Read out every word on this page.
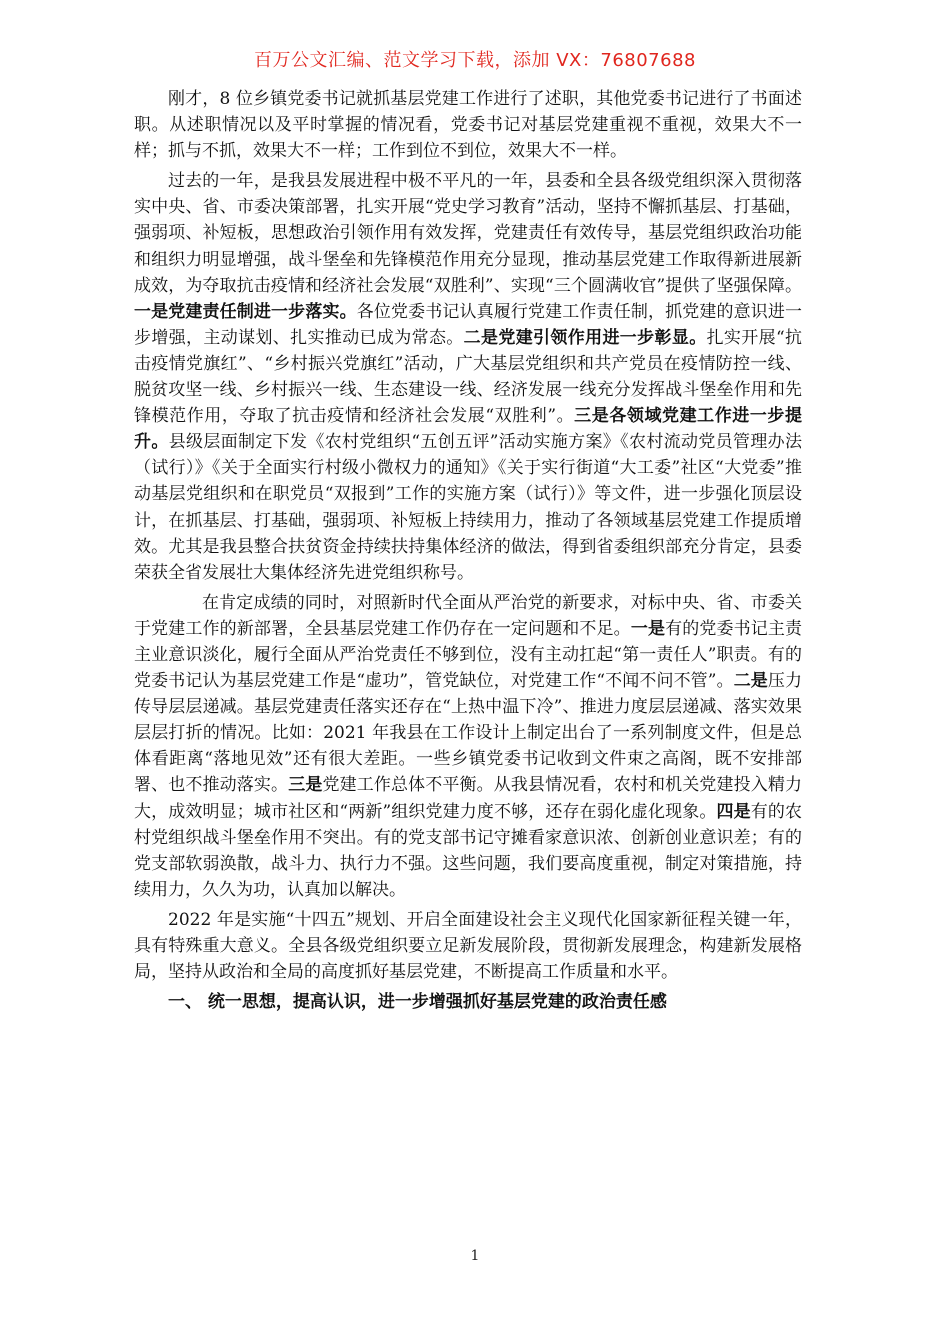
百万公文汇编、范文学习下载，添加 VX：76807688

刚才，8 位乡镇党委书记就抓基层党建工作进行了述职，其他党委书记进行了书面述职。从述职情况以及平时掌握的情况看，党委书记对基层党建重视不重视，效果大不一样；抓与不抓，效果大不一样；工作到位不到位，效果大不一样。

过去的一年，是我县发展进程中极不平凡的一年，县委和全县各级党组织深入贯彻落实中央、省、市委决策部署，扎实开展“党史学习教育”活动，坚持不懈抓基层、打基础，强弱项、补短板，思想政治引领作用有效发挥，党建责任有效传导，基层党组织政治功能和组织力明显增强，战斗堡垒和先锋模范作用充分显现，推动基层党建工作取得新进展新成效，为夺取抗击疫情和经济社会发展“双胜利”、实现“三个圆满收官”提供了坚强保障。一是党建责任制进一步落实。各位党委书记认真履行党建工作责任制，抓党建的意识进一步增强，主动谋划、扎实推动已成为常态。二是党建引领作用进一步彰显。扎实开展“抗击疫情党旗红”、“乡村振兴党旗红”活动，广大基层党组织和共产党员在疫情防控一线、脱贫攻坚一线、乡村振兴一线、生态建设一线、经济发展一线充分发挥战斗堡垒作用和先锋模范作用，夺取了抗击疫情和经济社会发展“双胜利”。三是各领域党建工作进一步提升。县级层面制定下发《农村党组织“五创五评”活动实施方案》《农村流动党员管理办法（试行）》《关于全面实行村级小微权力的通知》《关于实行街道“大工委”社区“大党委”推动基层党组织和在职党员“双报到”工作的实施方案（试行）》等文件，进一步强化顶层设计，在抓基层、打基础，强弱项、补短板上持续用力，推动了各领域基层党建工作提质增效。尤其是我县整合扶贫资金持续扶持集体经济的做法，得到省委组织部充分肯定，县委荣获全省发展壮大集体经济先进党组织称号。

在肯定成绩的同时，对照新时代全面从严治党的新要求，对标中央、省、市委关于党建工作的新部署，全县基层党建工作仍存在一定问题和不足。一是有的党委书记主责主业意识淡化，履行全面从严治党责任不够到位，没有主动扛起“第一责任人”职责。有的党委书记认为基层党建工作是“虚功”，管党缺位，对党建工作“不闻不问不管”。二是压力传导层层递减。基层党建责任落实还存在“上热中温下冷”、推进力度层层递减、落实效果层层打折的情况。比如：2021 年我县在工作设计上制定出台了一系列制度文件，但是总体看距离“落地见效”还有很大差距。一些乡镇党委书记收到文件束之高阁，既不安排部署、也不推动落实。三是党建工作总体不平衡。从我县情况看，农村和机关党建投入精力大，成效明显；城市社区和“两新”组织党建力度不够，还存在弱化虚化现象。四是有的农村党组织战斗堡垒作用不突出。有的党支部书记守摊看家意识浓、创新创业意识差；有的党支部软弱涣散，战斗力、执行力不强。这些问题，我们要高度重视，制定对策措施，持续用力，久久为功，认真加以解决。

2022 年是实施“十四五”规划、开启全面建设社会主义现代化国家新征程关键一年，具有特殊重大意义。全县各级党组织要立足新发展阶段，贯彻新发展理念，构建新发展格局，坚持从政治和全局的高度抓好基层党建，不断提高工作质量和水平。

一、 统一思想，提高认识，进一步增强抓好基层党建的政治责任感

1
